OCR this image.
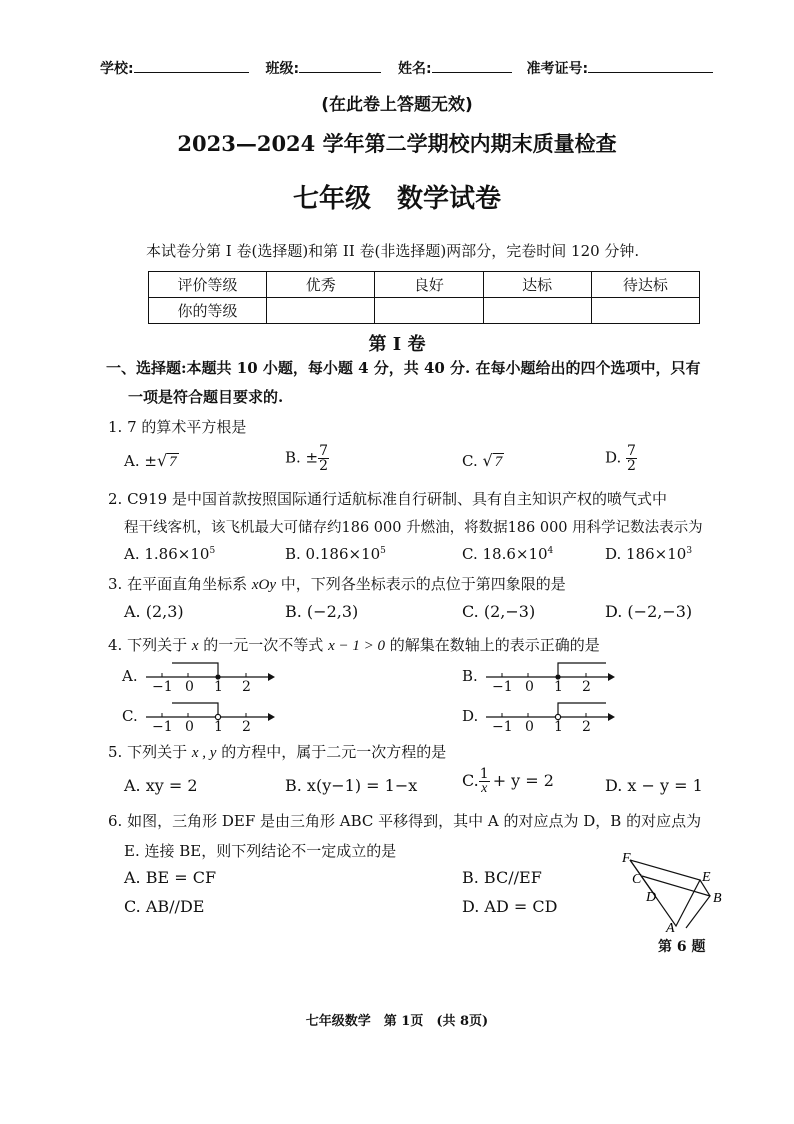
学校:	班级:	姓名:	准考证号:
(在此卷上答题无效)
2023—2024 学年第二学期校内期末质量检查
七年级　数学试卷
本试卷分第 I 卷(选择题)和第 II 卷(非选择题)两部分，完卷时间 120 分钟.
评价等级	优秀	良好	达标	待达标
你的等级				
第 I 卷
一、选择题:本题共 10 小题，每小题 4 分，共 40 分. 在每小题给出的四个选项中，只有
一项是符合题目要求的.
1. 7 的算术平方根是
A. ±√ 7	B. ± $\frac{7}{2}$	C. √ 7	D. $\frac{7}{2}$
2. C919 是中国首款按照国际通行适航标准自行研制、具有自主知识产权的喷气式中
程干线客机，该飞机最大可储存约186 000 升燃油，将数据186 000 用科学记数法表示为
A. $1.86\times 10^5$	B. $0.186\times 10^5$	C. $18.6\times 10^4$	D. $186\times 10^3$
3. 在平面直角坐标系 xOy 中，下列各坐标表示的点位于第四象限的是
A. (2,3)	B. (−2,3)	C. (2,−3)	D. (−2,−3)
4. 下列关于 x 的一元一次不等式 x − 1 > 0 的解集在数轴上的表示正确的是
A.
−1 0 1 2
B.
−1 0 1 2
C.
−1 0 1 2
D.
−1 0 1 2
5. 下列关于 x , y 的方程中，属于二元一次方程的是
A. xy = 2	B. x(y−1) = 1−x	C. $\frac{1}{x} + y = 2$	D. x − y = 1
6. 如图，三角形 DEF 是由三角形 ABC 平移得到，其中 A 的对应点为 D，B 的对应点为
E. 连接 BE，则下列结论不一定成立的是
A. BE = CF	B. BC//EF
C. AB//DE	D. AD = CD
F
C	E
D	B
A
第 6 题
七年级数学　第 1页　(共 8页)
